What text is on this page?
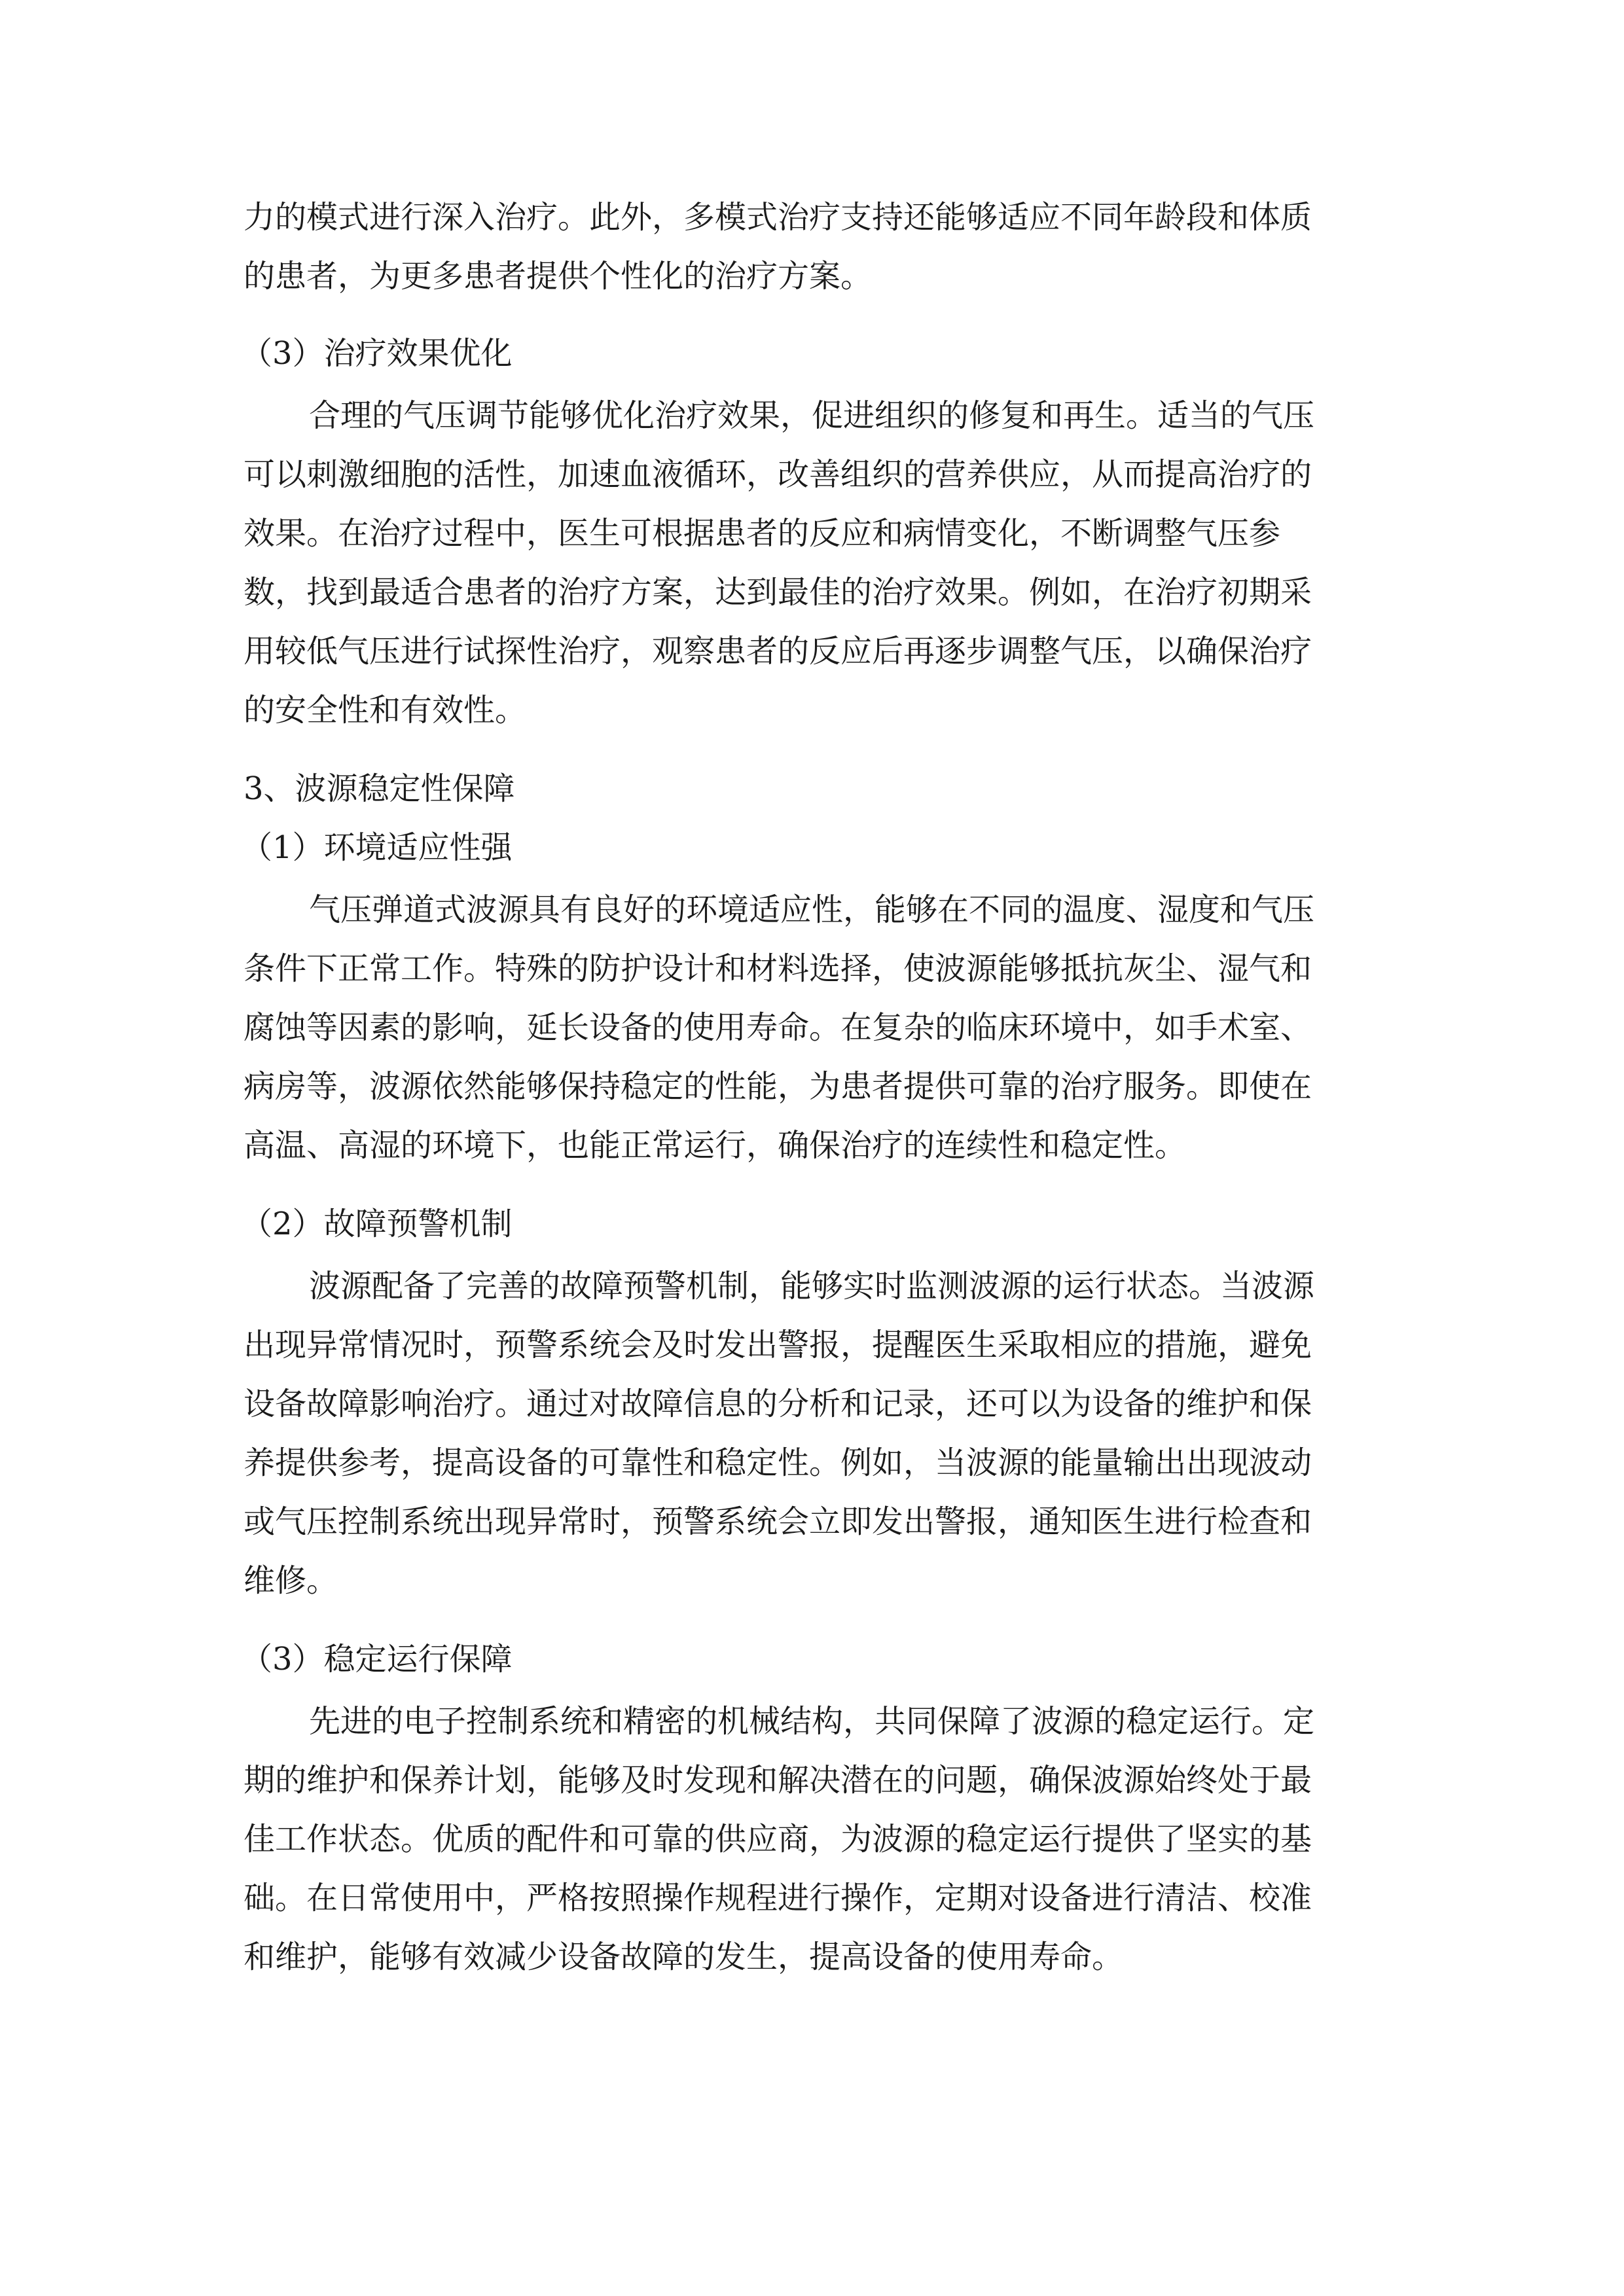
力的模式进行深入治疗。此外，多模式治疗支持还能够适应不同年龄段和体质
的患者，为更多患者提供个性化的治疗方案。
（3）治疗效果优化
合理的气压调节能够优化治疗效果，促进组织的修复和再生。适当的气压
可以刺激细胞的活性，加速血液循环，改善组织的营养供应，从而提高治疗的
效果。在治疗过程中，医生可根据患者的反应和病情变化，不断调整气压参
数，找到最适合患者的治疗方案，达到最佳的治疗效果。例如，在治疗初期采
用较低气压进行试探性治疗，观察患者的反应后再逐步调整气压，以确保治疗
的安全性和有效性。
3、波源稳定性保障
（1）环境适应性强
气压弹道式波源具有良好的环境适应性，能够在不同的温度、湿度和气压
条件下正常工作。特殊的防护设计和材料选择，使波源能够抵抗灰尘、湿气和
腐蚀等因素的影响，延长设备的使用寿命。在复杂的临床环境中，如手术室、
病房等，波源依然能够保持稳定的性能，为患者提供可靠的治疗服务。即使在
高温、高湿的环境下，也能正常运行，确保治疗的连续性和稳定性。
（2）故障预警机制
波源配备了完善的故障预警机制，能够实时监测波源的运行状态。当波源
出现异常情况时，预警系统会及时发出警报，提醒医生采取相应的措施，避免
设备故障影响治疗。通过对故障信息的分析和记录，还可以为设备的维护和保
养提供参考，提高设备的可靠性和稳定性。例如，当波源的能量输出出现波动
或气压控制系统出现异常时，预警系统会立即发出警报，通知医生进行检查和
维修。
（3）稳定运行保障
先进的电子控制系统和精密的机械结构，共同保障了波源的稳定运行。定
期的维护和保养计划，能够及时发现和解决潜在的问题，确保波源始终处于最
佳工作状态。优质的配件和可靠的供应商，为波源的稳定运行提供了坚实的基
础。在日常使用中，严格按照操作规程进行操作，定期对设备进行清洁、校准
和维护，能够有效减少设备故障的发生，提高设备的使用寿命。
